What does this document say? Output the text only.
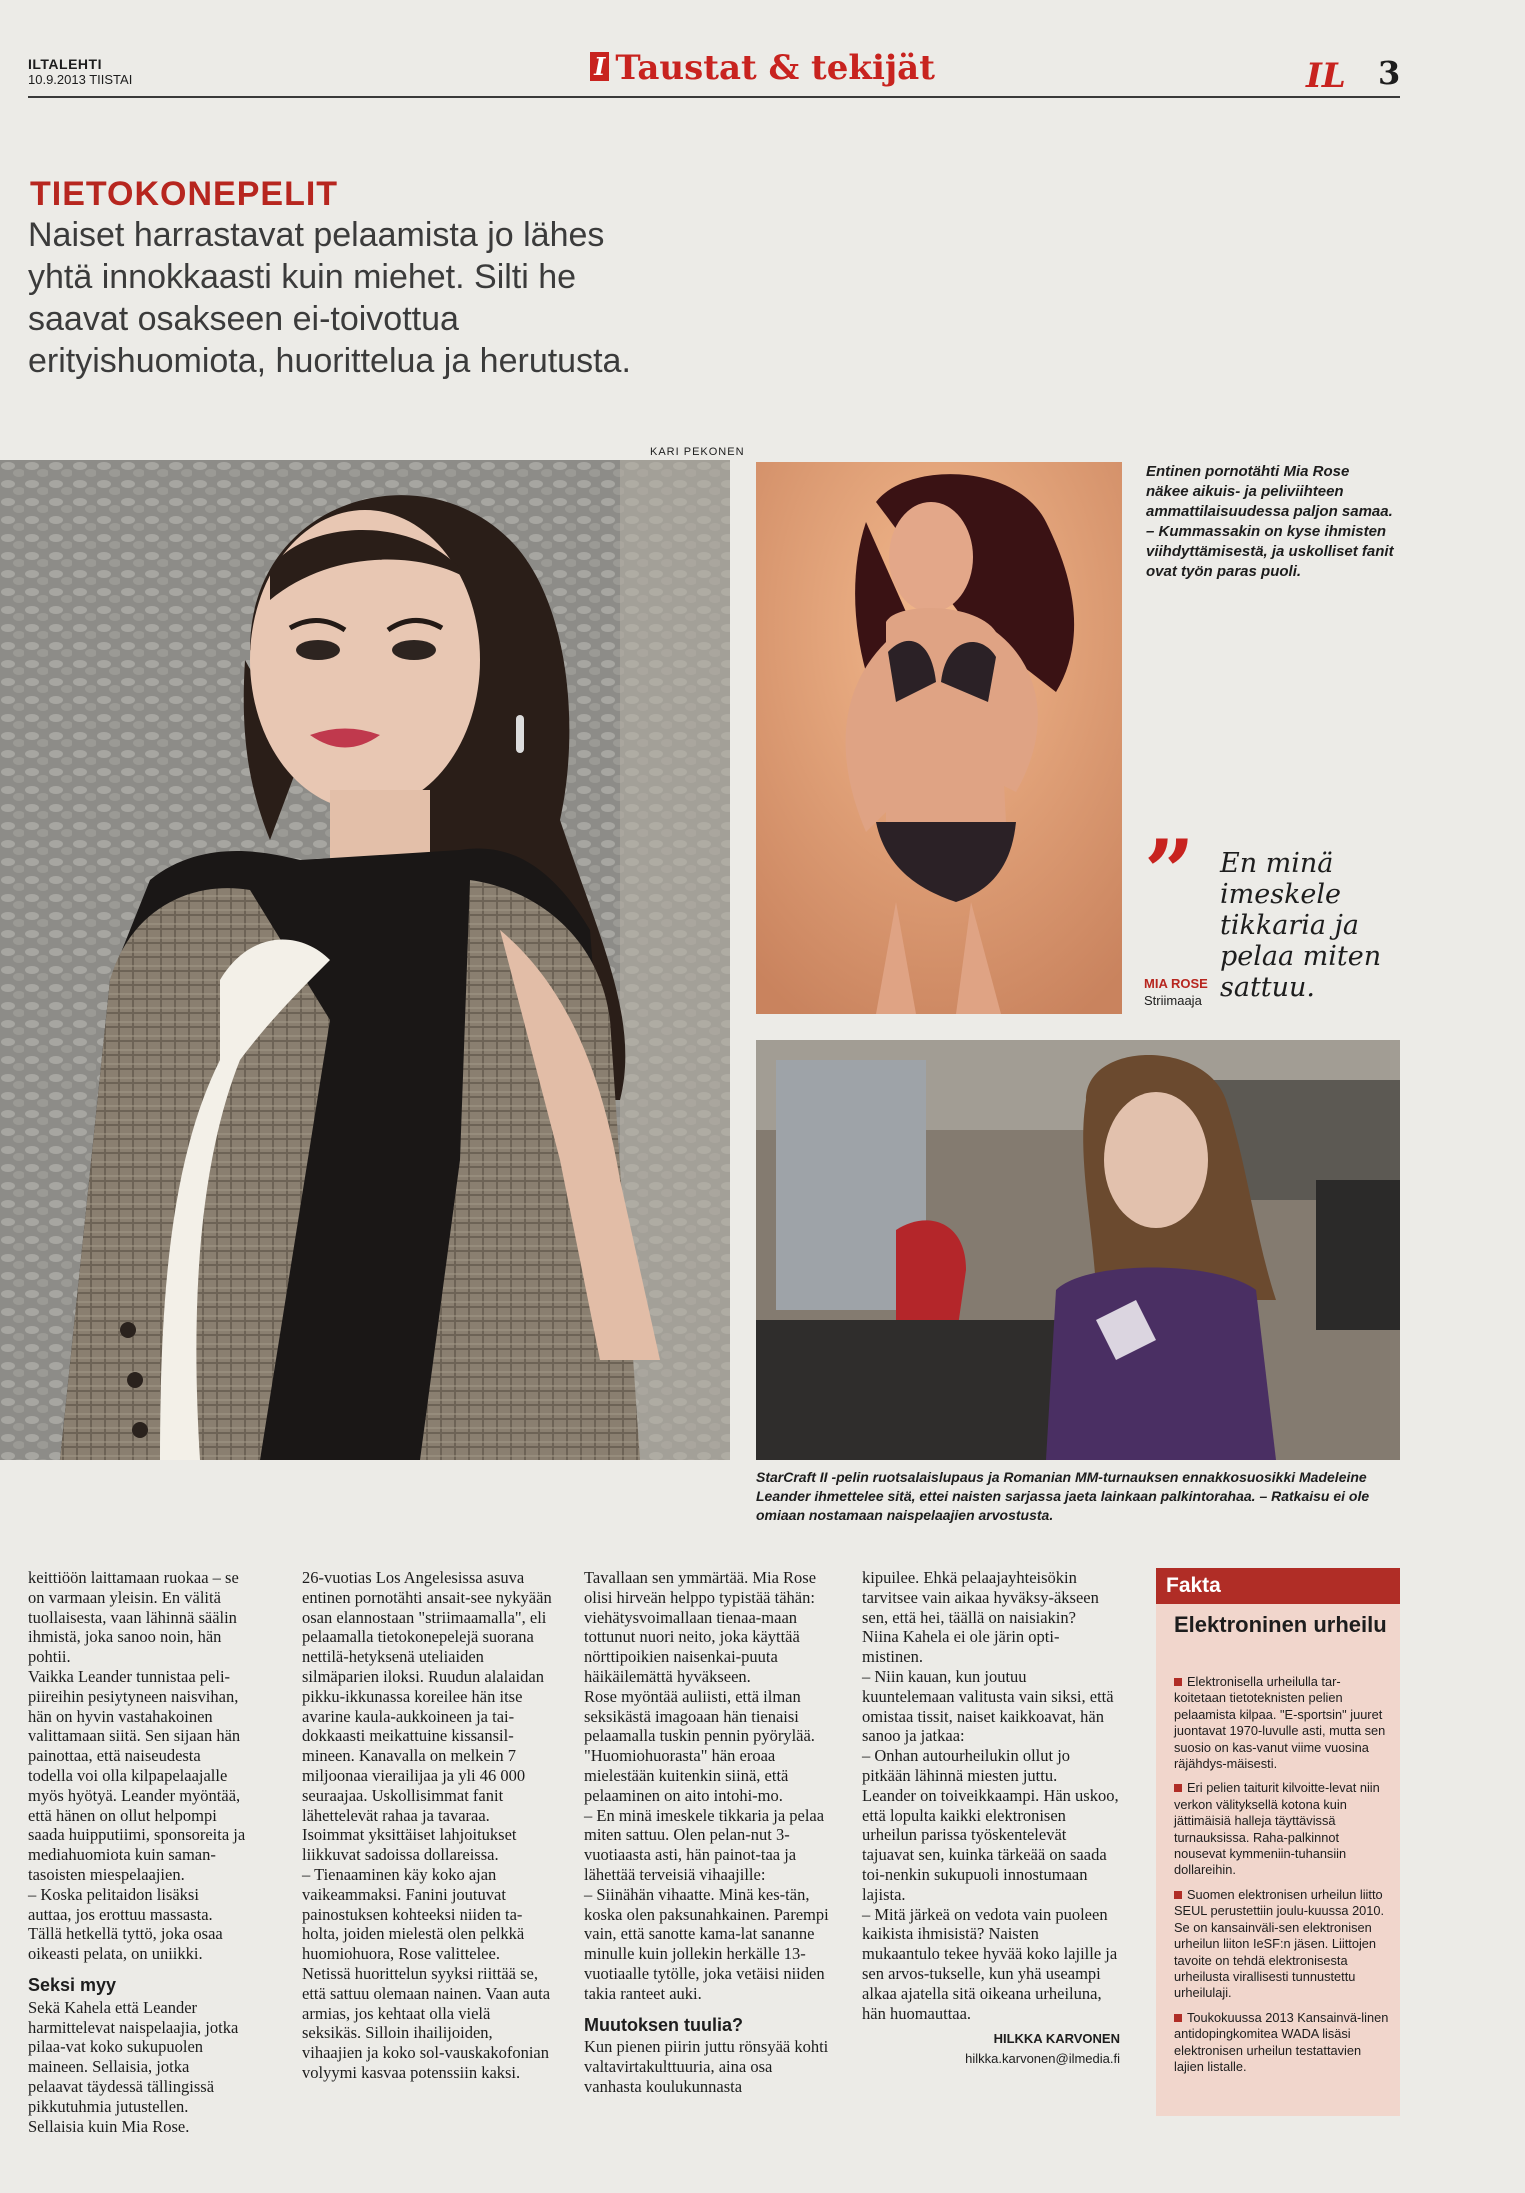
ILTALEHTI
10.9.2013 TIISTAI	I Taustat & tekijät	IL 3
TIETOKONEPELIT
Naiset harrastavat pelaamista jo lähes yhtä innokkaasti kuin miehet. Silti he saavat osakseen ei-toivottua erityishuomiota, huorittelua ja herutusta.
KARI PEKONEN
Entinen pornotähti Mia Rose näkee aikuis- ja peliviihteen ammattilaisuudessa paljon samaa. – Kummassakin on kyse ihmisten viihdyttämisestä, ja uskolliset fanit ovat työn paras puoli.
” En minä imeskele tikkaria ja pelaa miten sattuu.
MIA ROSE
Striimaaja
StarCraft II -pelin ruotsalaislupaus ja Romanian MM-turnauksen ennakkosuosikki Madeleine Leander ihmettelee sitä, ettei naisten sarjassa jaeta lainkaan palkintorahaa. – Ratkaisu ei ole omiaan nostamaan naispelaajien arvostusta.

keittiöön laittamaan ruokaa – se on varmaan yleisin. En välitä tuollaisesta, vaan lähinnä säälin ihmistä, joka sanoo noin, hän pohtii.

Vaikka Leander tunnistaa peli-piireihin pesiytyneen naisvihan, hän on hyvin vastahakoinen valittamaan siitä. Sen sijaan hän painottaa, että naiseudesta todella voi olla kilpapelaajalle myös hyötyä. Leander myöntää, että hänen on ollut helpompi saada huipputiimi, sponsoreita ja mediahuomiota kuin saman-tasoisten miespelaajien.

– Koska pelitaidon lisäksi auttaa, jos erottuu massasta. Tällä hetkellä tyttö, joka osaa oikeasti pelata, on uniikki.

Seksi myy

Sekä Kahela että Leander harmittelevat naispelaajia, jotka pilaa-vat koko sukupuolen maineen. Sellaisia, jotka pelaavat täydessä tällingissä pikkutuhmia jutustellen. Sellaisia kuin Mia Rose.

26-vuotias Los Angelesissa asuva entinen pornotähti ansait-see nykyään osan elannostaan "striimaamalla", eli pelaamalla tietokonepelejä suorana nettilä-hetyksenä uteliaiden silmäparien iloksi. Ruudun alalaidan pikku-ikkunassa koreilee hän itse avarine kaula-aukkoineen ja tai-dokkaasti meikattuine kissansil-mineen. Kanavalla on melkein 7 miljoonaa vierailijaa ja yli 46 000 seuraajaa. Uskollisimmat fanit lähettelevät rahaa ja tavaraa. Isoimmat yksittäiset lahjoitukset liikkuvat sadoissa dollareissa.

– Tienaaminen käy koko ajan vaikeammaksi. Fanini joutuvat painostuksen kohteeksi niiden ta-holta, joiden mielestä olen pelkkä huomiohuora, Rose valittelee.

Netissä huorittelun syyksi riittää se, että sattuu olemaan nainen. Vaan auta armias, jos kehtaat olla vielä seksikäs. Silloin ihailijoiden, vihaajien ja koko sol-vauskakofonian volyymi kasvaa potenssiin kaksi.

Tavallaan sen ymmärtää. Mia Rose olisi hirveän helppo typistää tähän: viehätysvoimallaan tienaa-maan tottunut nuori neito, joka käyttää nörttipoikien naisenkai-puuta häikäilemättä hyväkseen.

Rose myöntää auliisti, että ilman seksikästä imagoaan hän tienaisi pelaamalla tuskin pennin pyörylää. "Huomiohuorasta" hän eroaa mielestään kuitenkin siinä, että pelaaminen on aito intohi-mo.

– En minä imeskele tikkaria ja pelaa miten sattuu. Olen pelan-nut 3-vuotiaasta asti, hän painot-taa ja lähettää terveisiä vihaajille:

– Siinähän vihaatte. Minä kes-tän, koska olen paksunahkainen. Parempi vain, että sanotte kama-lat sananne minulle kuin jollekin herkälle 13-vuotiaalle tytölle, joka vetäisi niiden takia ranteet auki.

Muutoksen tuulia?

Kun pienen piirin juttu rönsyää kohti valtavirtakulttuuria, aina osa vanhasta koulukunnasta

kipuilee. Ehkä pelaajayhteisökin tarvitsee vain aikaa hyväksy-äkseen sen, että hei, täällä on naisiakin?

Niina Kahela ei ole järin opti-mistinen.

– Niin kauan, kun joutuu kuuntelemaan valitusta vain siksi, että omistaa tissit, naiset kaikkoavat, hän sanoo ja jatkaa:

– Onhan autourheilukin ollut jo pitkään lähinnä miesten juttu.

Leander on toiveikkaampi. Hän uskoo, että lopulta kaikki elektronisen urheilun parissa työskentelevät tajuavat sen, kuinka tärkeää on saada toi-nenkin sukupuoli innostumaan lajista.

– Mitä järkeä on vedota vain puoleen kaikista ihmisistä? Naisten mukaantulo tekee hyvää koko lajille ja sen arvos-tukselle, kun yhä useampi alkaa ajatella sitä oikeana urheiluna, hän huomauttaa.

HILKKA KARVONEN
hilkka.karvonen@ilmedia.fi
Fakta
Elektroninen urheilu
Elektronisella urheilulla tar-koitetaan tietoteknisten pelien pelaamista kilpaa. "E-sportsin" juuret juontavat 1970-luvulle asti, mutta sen suosio on kas-vanut viime vuosina räjähdys-mäisesti.
Eri pelien taiturit kilvoitte-levat niin verkon välityksellä kotona kuin jättimäisiä halleja täyttävissä turnauksissa. Raha-palkinnot nousevat kymmeniin-tuhansiin dollareihin.
Suomen elektronisen urheilun liitto SEUL perustettiin joulu-kuussa 2010. Se on kansainväli-sen elektronisen urheilun liiton IeSF:n jäsen. Liittojen tavoite on tehdä elektronisesta urheilusta virallisesti tunnustettu urheilulaji.
Toukokuussa 2013 Kansainvä-linen antidopingkomitea WADA lisäsi elektronisen urheilun testattavien lajien listalle.
